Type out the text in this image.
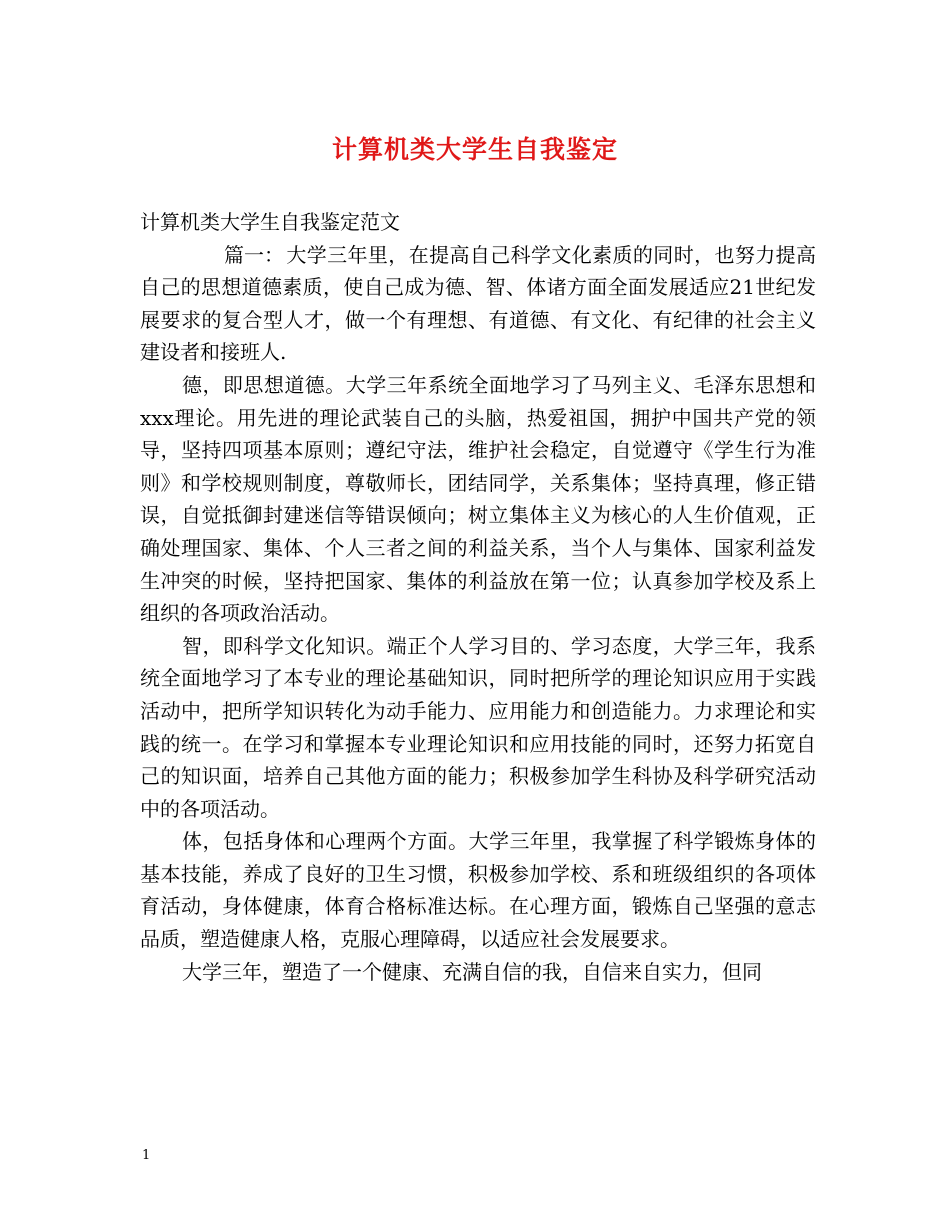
计算机类大学生自我鉴定

计算机类大学生自我鉴定范文

篇一： 大学三年里，在提高自己科学文化素质的同时，也努力提高自己的思想道德素质，使自己成为德、智、体诸方面全面发展适应21世纪发展要求的复合型人才，做一个有理想、有道德、有文化、有纪律的社会主义建设者和接班人.

德，即思想道德。大学三年系统全面地学习了马列主义、毛泽东思想和xxx理论。用先进的理论武装自己的头脑，热爱祖国，拥护中国共产党的领导，坚持四项基本原则；遵纪守法，维护社会稳定，自觉遵守《学生行为准则》和学校规则制度，尊敬师长，团结同学，关系集体；坚持真理，修正错误，自觉抵御封建迷信等错误倾向；树立集体主义为核心的人生价值观，正确处理国家、集体、个人三者之间的利益关系，当个人与集体、国家利益发生冲突的时候，坚持把国家、集体的利益放在第一位；认真参加学校及系上组织的各项政治活动。

智，即科学文化知识。端正个人学习目的、学习态度，大学三年，我系统全面地学习了本专业的理论基础知识，同时把所学的理论知识应用于实践活动中，把所学知识转化为动手能力、应用能力和创造能力。力求理论和实践的统一。在学习和掌握本专业理论知识和应用技能的同时，还努力拓宽自己的知识面，培养自己其他方面的能力；积极参加学生科协及科学研究活动中的各项活动。

体，包括身体和心理两个方面。大学三年里，我掌握了科学锻炼身体的基本技能，养成了良好的卫生习惯，积极参加学校、系和班级组织的各项体育活动，身体健康，体育合格标准达标。在心理方面，锻炼自己坚强的意志品质，塑造健康人格，克服心理障碍，以适应社会发展要求。

大学三年，塑造了一个健康、充满自信的我，自信来自实力，但同

1
